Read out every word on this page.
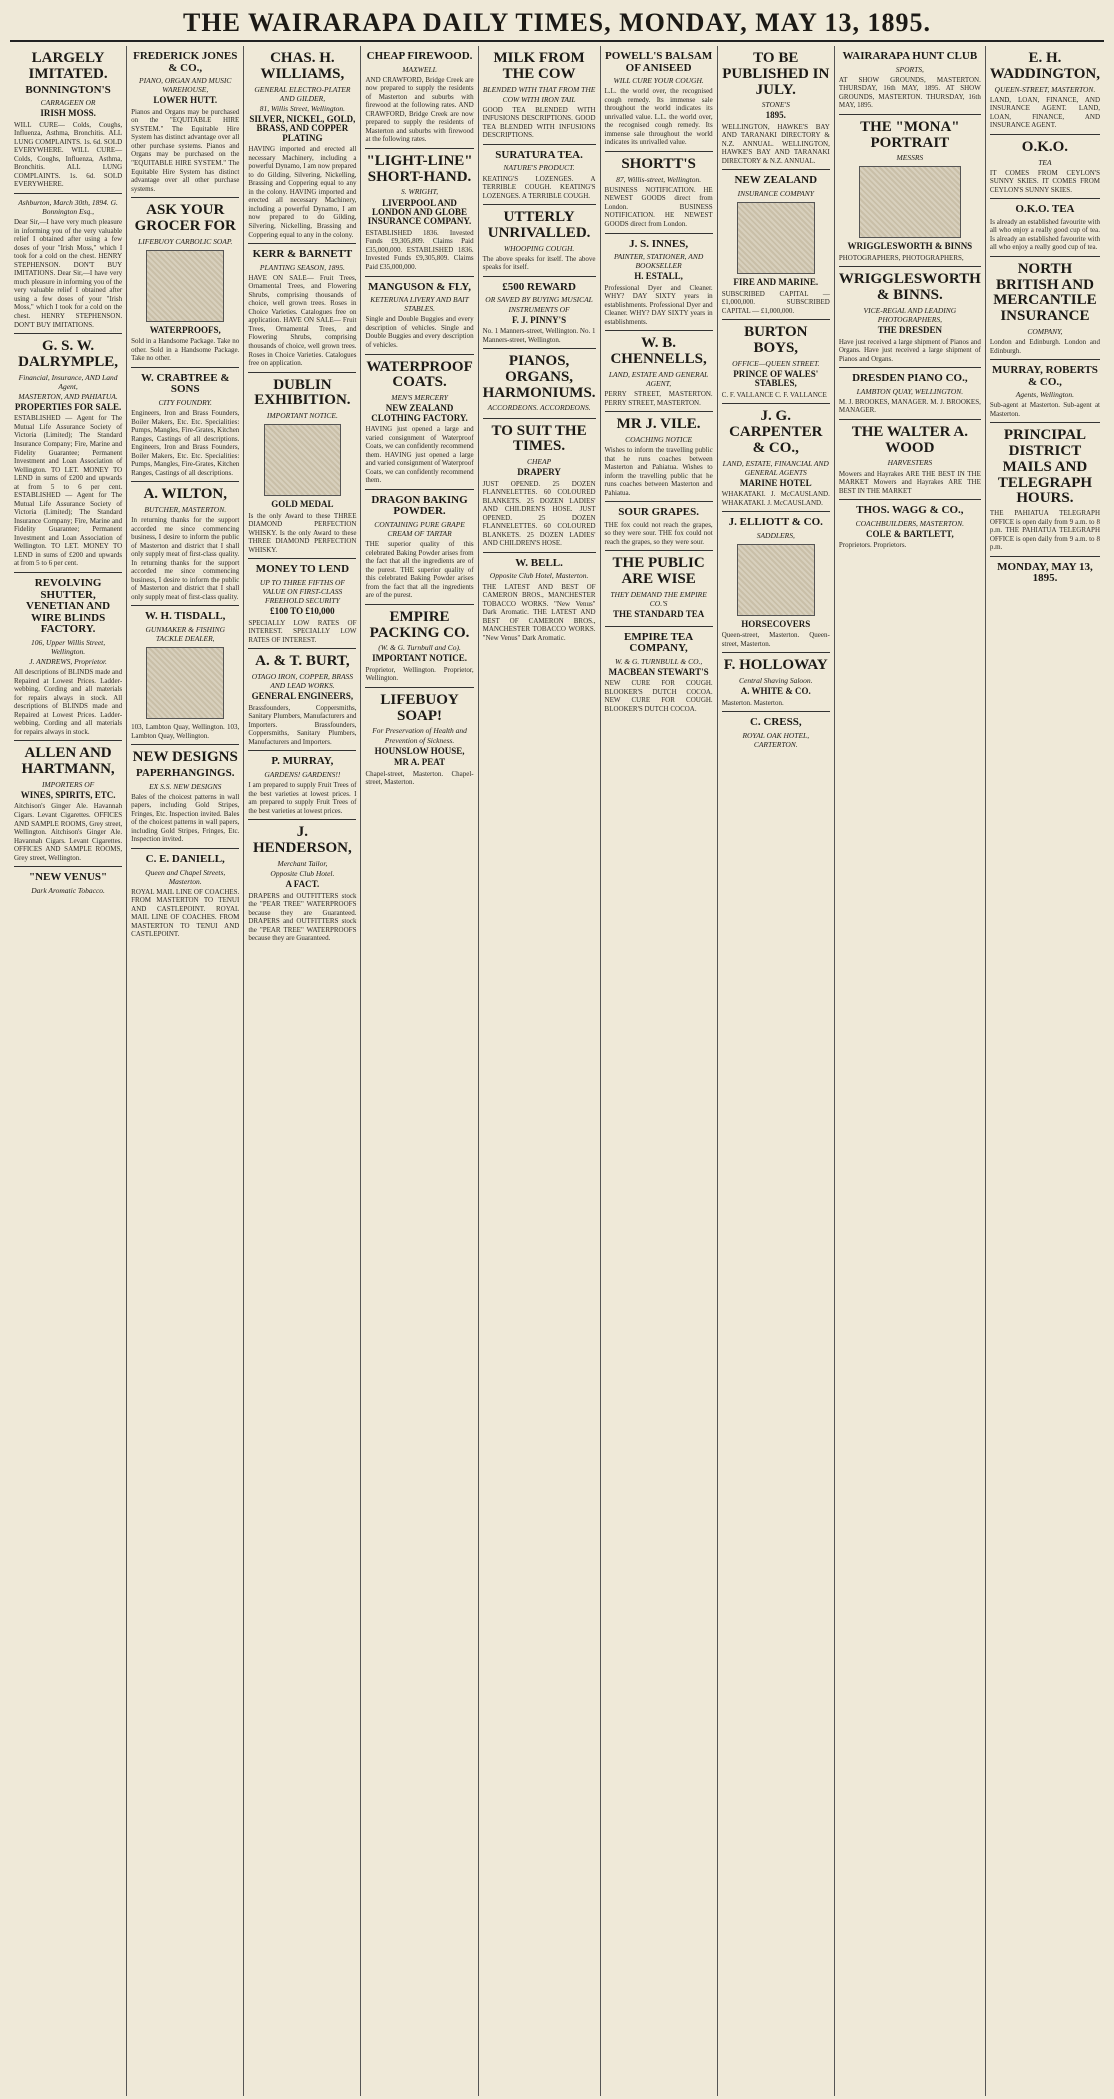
THE WAIRARAPA DAILY TIMES, MONDAY, MAY 13, 1895.
LARGELY IMITATED.
BONNINGTON'S
CARRAGEEN OR
IRISH MOSS.
WILL CURE— Colds, Coughs, Influenza, Asthma, Bronchitis. ALL LUNG COMPLAINTS. 1s. 6d. SOLD EVERYWHERE. WILL CURE— Colds, Coughs, Influenza, Asthma, Bronchitis. ALL LUNG COMPLAINTS. 1s. 6d. SOLD EVERYWHERE.
Ashburton, March 30th, 1894. G. Bonnington Esq.,
Dear Sir,—I have very much pleasure in informing you of the very valuable relief I obtained after using a few doses of your "Irish Moss," which I took for a cold on the chest. HENRY STEPHENSON. DON'T BUY IMITATIONS. Dear Sir,—I have very much pleasure in informing you of the very valuable relief I obtained after using a few doses of your "Irish Moss," which I took for a cold on the chest. HENRY STEPHENSON. DON'T BUY IMITATIONS.
G. S. W. DALRYMPLE,
Financial, Insurance, AND Land Agent,
MASTERTON, AND PAHIATUA.
PROPERTIES FOR SALE.
ESTABLISHED — Agent for The Mutual Life Assurance Society of Victoria (Limited); The Standard Insurance Company; Fire, Marine and Fidelity Guarantee; Permanent Investment and Loan Association of Wellington. TO LET. MONEY TO LEND in sums of £200 and upwards at from 5 to 6 per cent. ESTABLISHED — Agent for The Mutual Life Assurance Society of Victoria (Limited); The Standard Insurance Company; Fire, Marine and Fidelity Guarantee; Permanent Investment and Loan Association of Wellington. TO LET. MONEY TO LEND in sums of £200 and upwards at from 5 to 6 per cent.
REVOLVING SHUTTER, VENETIAN AND WIRE BLINDS FACTORY.
106, Upper Willis Street, Wellington.
J. ANDREWS, Proprietor.
All descriptions of BLINDS made and Repaired at Lowest Prices. Ladder-webbing, Cording and all materials for repairs always in stock. All descriptions of BLINDS made and Repaired at Lowest Prices. Ladder-webbing, Cording and all materials for repairs always in stock.
ALLEN AND HARTMANN,
IMPORTERS OF
WINES, SPIRITS, ETC.
Aitchison's Ginger Ale. Havannah Cigars. Levant Cigarettes. OFFICES AND SAMPLE ROOMS, Grey street, Wellington. Aitchison's Ginger Ale. Havannah Cigars. Levant Cigarettes. OFFICES AND SAMPLE ROOMS, Grey street, Wellington.
"NEW VENUS"
Dark Aromatic Tobacco.
FREDERICK JONES & CO.,
PIANO, ORGAN AND MUSIC WAREHOUSE,
LOWER HUTT.
Pianos and Organs may be purchased on the "EQUITABLE HIRE SYSTEM." The Equitable Hire System has distinct advantage over all other purchase systems. Pianos and Organs may be purchased on the "EQUITABLE HIRE SYSTEM." The Equitable Hire System has distinct advantage over all other purchase systems.
ASK YOUR GROCER FOR
LIFEBUOY CARBOLIC SOAP.
WATERPROOFS,
Sold in a Handsome Package. Take no other. Sold in a Handsome Package. Take no other.
W. CRABTREE & SONS
CITY FOUNDRY.
Engineers, Iron and Brass Founders, Boiler Makers, Etc. Etc. Specialities: Pumps, Mangles, Fire-Grates, Kitchen Ranges, Castings of all descriptions. Engineers, Iron and Brass Founders, Boiler Makers, Etc. Etc. Specialities: Pumps, Mangles, Fire-Grates, Kitchen Ranges, Castings of all descriptions.
A. WILTON,
BUTCHER, MASTERTON.
In returning thanks for the support accorded me since commencing business, I desire to inform the public of Masterton and district that I shall only supply meat of first-class quality. In returning thanks for the support accorded me since commencing business, I desire to inform the public of Masterton and district that I shall only supply meat of first-class quality.
W. H. TISDALL,
GUNMAKER & FISHING TACKLE DEALER,
103, Lambton Quay, Wellington. 103, Lambton Quay, Wellington.
NEW DESIGNS
PAPERHANGINGS.
EX S.S. NEW DESIGNS
Bales of the choicest patterns in wall papers, including Gold Stripes, Fringes, Etc. Inspection invited. Bales of the choicest patterns in wall papers, including Gold Stripes, Fringes, Etc. Inspection invited.
C. E. DANIELL,
Queen and Chapel Streets, Masterton.
ROYAL MAIL LINE OF COACHES. FROM MASTERTON TO TENUI AND CASTLEPOINT. ROYAL MAIL LINE OF COACHES. FROM MASTERTON TO TENUI AND CASTLEPOINT.
CHAS. H. WILLIAMS,
GENERAL ELECTRO-PLATER AND GILDER,
81, Willis Street, Wellington.
SILVER, NICKEL, GOLD, BRASS, AND COPPER PLATING
HAVING imported and erected all necessary Machinery, including a powerful Dynamo, I am now prepared to do Gilding, Silvering, Nickelling, Brassing and Coppering equal to any in the colony. HAVING imported and erected all necessary Machinery, including a powerful Dynamo, I am now prepared to do Gilding, Silvering, Nickelling, Brassing and Coppering equal to any in the colony.
KERR & BARNETT
PLANTING SEASON, 1895.
HAVE ON SALE— Fruit Trees, Ornamental Trees, and Flowering Shrubs, comprising thousands of choice, well grown trees. Roses in Choice Varieties. Catalogues free on application. HAVE ON SALE— Fruit Trees, Ornamental Trees, and Flowering Shrubs, comprising thousands of choice, well grown trees. Roses in Choice Varieties. Catalogues free on application.
DUBLIN EXHIBITION.
IMPORTANT NOTICE.
GOLD MEDAL
Is the only Award to these THREE DIAMOND PERFECTION WHISKY. Is the only Award to these THREE DIAMOND PERFECTION WHISKY.
MONEY TO LEND
UP TO THREE FIFTHS OF VALUE ON FIRST-CLASS FREEHOLD SECURITY
£100 TO £10,000
SPECIALLY LOW RATES OF INTEREST. SPECIALLY LOW RATES OF INTEREST.
A. & T. BURT,
OTAGO IRON, COPPER, BRASS AND LEAD WORKS.
GENERAL ENGINEERS,
Brassfounders, Coppersmiths, Sanitary Plumbers, Manufacturers and Importers. Brassfounders, Coppersmiths, Sanitary Plumbers, Manufacturers and Importers.
P. MURRAY,
GARDENS! GARDENS!!
I am prepared to supply Fruit Trees of the best varieties at lowest prices. I am prepared to supply Fruit Trees of the best varieties at lowest prices.
J. HENDERSON,
Merchant Tailor,
Opposite Club Hotel.
A FACT.
DRAPERS and OUTFITTERS stock the "PEAR TREE" WATERPROOFS because they are Guaranteed. DRAPERS and OUTFITTERS stock the "PEAR TREE" WATERPROOFS because they are Guaranteed.
CHEAP FIREWOOD.
MAXWELL
AND CRAWFORD, Bridge Creek are now prepared to supply the residents of Masterton and suburbs with firewood at the following rates. AND CRAWFORD, Bridge Creek are now prepared to supply the residents of Masterton and suburbs with firewood at the following rates.
"LIGHT-LINE" SHORT-HAND.
S. WRIGHT,
LIVERPOOL AND LONDON AND GLOBE INSURANCE COMPANY.
ESTABLISHED 1836. Invested Funds £9,305,809. Claims Paid £35,000,000. ESTABLISHED 1836. Invested Funds £9,305,809. Claims Paid £35,000,000.
MANGUSON & FLY,
KETERUNA LIVERY AND BAIT STABLES.
Single and Double Buggies and every description of vehicles. Single and Double Buggies and every description of vehicles.
WATERPROOF COATS.
MEN'S MERCERY
NEW ZEALAND CLOTHING FACTORY.
HAVING just opened a large and varied consignment of Waterproof Coats, we can confidently recommend them. HAVING just opened a large and varied consignment of Waterproof Coats, we can confidently recommend them.
DRAGON BAKING POWDER.
CONTAINING PURE GRAPE CREAM OF TARTAR
THE superior quality of this celebrated Baking Powder arises from the fact that all the ingredients are of the purest. THE superior quality of this celebrated Baking Powder arises from the fact that all the ingredients are of the purest.
EMPIRE PACKING CO.
(W. & G. Turnbull and Co).
IMPORTANT NOTICE.
Proprietor, Wellington. Proprietor, Wellington.
LIFEBUOY SOAP!
For Preservation of Health and Prevention of Sickness.
HOUNSLOW HOUSE,
MR A. PEAT
Chapel-street, Masterton. Chapel-street, Masterton.
MILK FROM THE COW
BLENDED WITH THAT FROM THE
COW WITH IRON TAIL
GOOD TEA BLENDED WITH INFUSIONS DESCRIPTIONS. GOOD TEA BLENDED WITH INFUSIONS DESCRIPTIONS.
SURATURA TEA.
NATURE'S PRODUCT.
KEATING'S LOZENGES. A TERRIBLE COUGH. KEATING'S LOZENGES. A TERRIBLE COUGH.
UTTERLY UNRIVALLED.
WHOOPING COUGH.
The above speaks for itself. The above speaks for itself.
£500 REWARD
OR SAVED BY BUYING MUSICAL INSTRUMENTS OF
F. J. PINNY'S
No. 1 Manners-street, Wellington. No. 1 Manners-street, Wellington.
PIANOS, ORGANS, HARMONIUMS.
ACCORDEONS. ACCORDEONS.
TO SUIT THE TIMES.
CHEAP
DRAPERY
JUST OPENED. 25 DOZEN FLANNELETTES. 60 COLOURED BLANKETS. 25 DOZEN LADIES' AND CHILDREN'S HOSE. JUST OPENED. 25 DOZEN FLANNELETTES. 60 COLOURED BLANKETS. 25 DOZEN LADIES' AND CHILDREN'S HOSE.
W. BELL.
Opposite Club Hotel, Masterton.
THE LATEST AND BEST OF CAMERON BROS., MANCHESTER TOBACCO WORKS. "New Venus" Dark Aromatic. THE LATEST AND BEST OF CAMERON BROS., MANCHESTER TOBACCO WORKS. "New Venus" Dark Aromatic.
POWELL'S BALSAM OF ANISEED
WILL CURE YOUR COUGH.
L.L. the world over, the recognised cough remedy. Its immense sale throughout the world indicates its unrivalled value. L.L. the world over, the recognised cough remedy. Its immense sale throughout the world indicates its unrivalled value.
SHORTT'S
87, Willis-street, Wellington.
BUSINESS NOTIFICATION. HE NEWEST GOODS direct from London. BUSINESS NOTIFICATION. HE NEWEST GOODS direct from London.
J. S. INNES,
PAINTER, STATIONER, AND BOOKSELLER
H. ESTALL,
Professional Dyer and Cleaner. WHY? DAY SIXTY years in establishments. Professional Dyer and Cleaner. WHY? DAY SIXTY years in establishments.
W. B. CHENNELLS,
LAND, ESTATE AND GENERAL AGENT,
PERRY STREET, MASTERTON. PERRY STREET, MASTERTON.
MR J. VILE.
COACHING NOTICE
Wishes to inform the travelling public that he runs coaches between Masterton and Pahiatua. Wishes to inform the travelling public that he runs coaches between Masterton and Pahiatua.
SOUR GRAPES.
THE fox could not reach the grapes, so they were sour. THE fox could not reach the grapes, so they were sour.
THE PUBLIC ARE WISE
THEY DEMAND THE EMPIRE CO.'S
THE STANDARD TEA
EMPIRE TEA COMPANY,
W. & G. TURNBULL & CO.,
MACBEAN STEWART'S
NEW CURE FOR COUGH. BLOOKER'S DUTCH COCOA. NEW CURE FOR COUGH. BLOOKER'S DUTCH COCOA.
TO BE PUBLISHED IN JULY.
STONE'S
1895.
WELLINGTON, HAWKE'S BAY AND TARANAKI DIRECTORY & N.Z. ANNUAL. WELLINGTON, HAWKE'S BAY AND TARANAKI DIRECTORY & N.Z. ANNUAL.
NEW ZEALAND
INSURANCE COMPANY
FIRE AND MARINE.
SUBSCRIBED CAPITAL — £1,000,000. SUBSCRIBED CAPITAL — £1,000,000.
BURTON BOYS,
OFFICE—QUEEN STREET.
PRINCE OF WALES' STABLES,
C. F. VALLANCE C. F. VALLANCE
J. G. CARPENTER & CO.,
LAND, ESTATE, FINANCIAL AND GENERAL AGENTS
MARINE HOTEL
WHAKATAKI. J. McCAUSLAND. WHAKATAKI. J. McCAUSLAND.
J. ELLIOTT & CO.
SADDLERS,
HORSECOVERS
Queen-street, Masterton. Queen-street, Masterton.
F. HOLLOWAY
Central Shaving Saloon.
A. WHITE & CO.
Masterton. Masterton.
C. CRESS,
ROYAL OAK HOTEL, CARTERTON.
WAIRARAPA HUNT CLUB
SPORTS,
AT SHOW GROUNDS, MASTERTON. THURSDAY, 16th MAY, 1895. AT SHOW GROUNDS, MASTERTON. THURSDAY, 16th MAY, 1895.
THE "MONA" PORTRAIT
MESSRS
WRIGGLESWORTH & BINNS
PHOTOGRAPHERS, PHOTOGRAPHERS,
WRIGGLESWORTH & BINNS.
VICE-REGAL AND LEADING PHOTOGRAPHERS,
THE DRESDEN
Have just received a large shipment of Pianos and Organs. Have just received a large shipment of Pianos and Organs.
DRESDEN PIANO CO.,
LAMBTON QUAY, WELLINGTON.
M. J. BROOKES, MANAGER. M. J. BROOKES, MANAGER.
THE WALTER A. WOOD
HARVESTERS
Mowers and Hayrakes ARE THE BEST IN THE MARKET Mowers and Hayrakes ARE THE BEST IN THE MARKET
THOS. WAGG & CO.,
COACHBUILDERS, MASTERTON.
COLE & BARTLETT,
Proprietors. Proprietors.
E. H. WADDINGTON,
QUEEN-STREET, MASTERTON.
LAND, LOAN, FINANCE, AND INSURANCE AGENT. LAND, LOAN, FINANCE, AND INSURANCE AGENT.
O.K.O.
TEA
IT COMES FROM CEYLON'S SUNNY SKIES. IT COMES FROM CEYLON'S SUNNY SKIES.
O.K.O. TEA
Is already an established favourite with all who enjoy a really good cup of tea. Is already an established favourite with all who enjoy a really good cup of tea.
NORTH BRITISH AND MERCANTILE INSURANCE
COMPANY,
London and Edinburgh. London and Edinburgh.
MURRAY, ROBERTS & CO.,
Agents, Wellington.
Sub-agent at Masterton. Sub-agent at Masterton.
PRINCIPAL DISTRICT MAILS AND TELEGRAPH HOURS.
THE PAHIATUA TELEGRAPH OFFICE is open daily from 9 a.m. to 8 p.m. THE PAHIATUA TELEGRAPH OFFICE is open daily from 9 a.m. to 8 p.m.
MONDAY, MAY 13, 1895.
